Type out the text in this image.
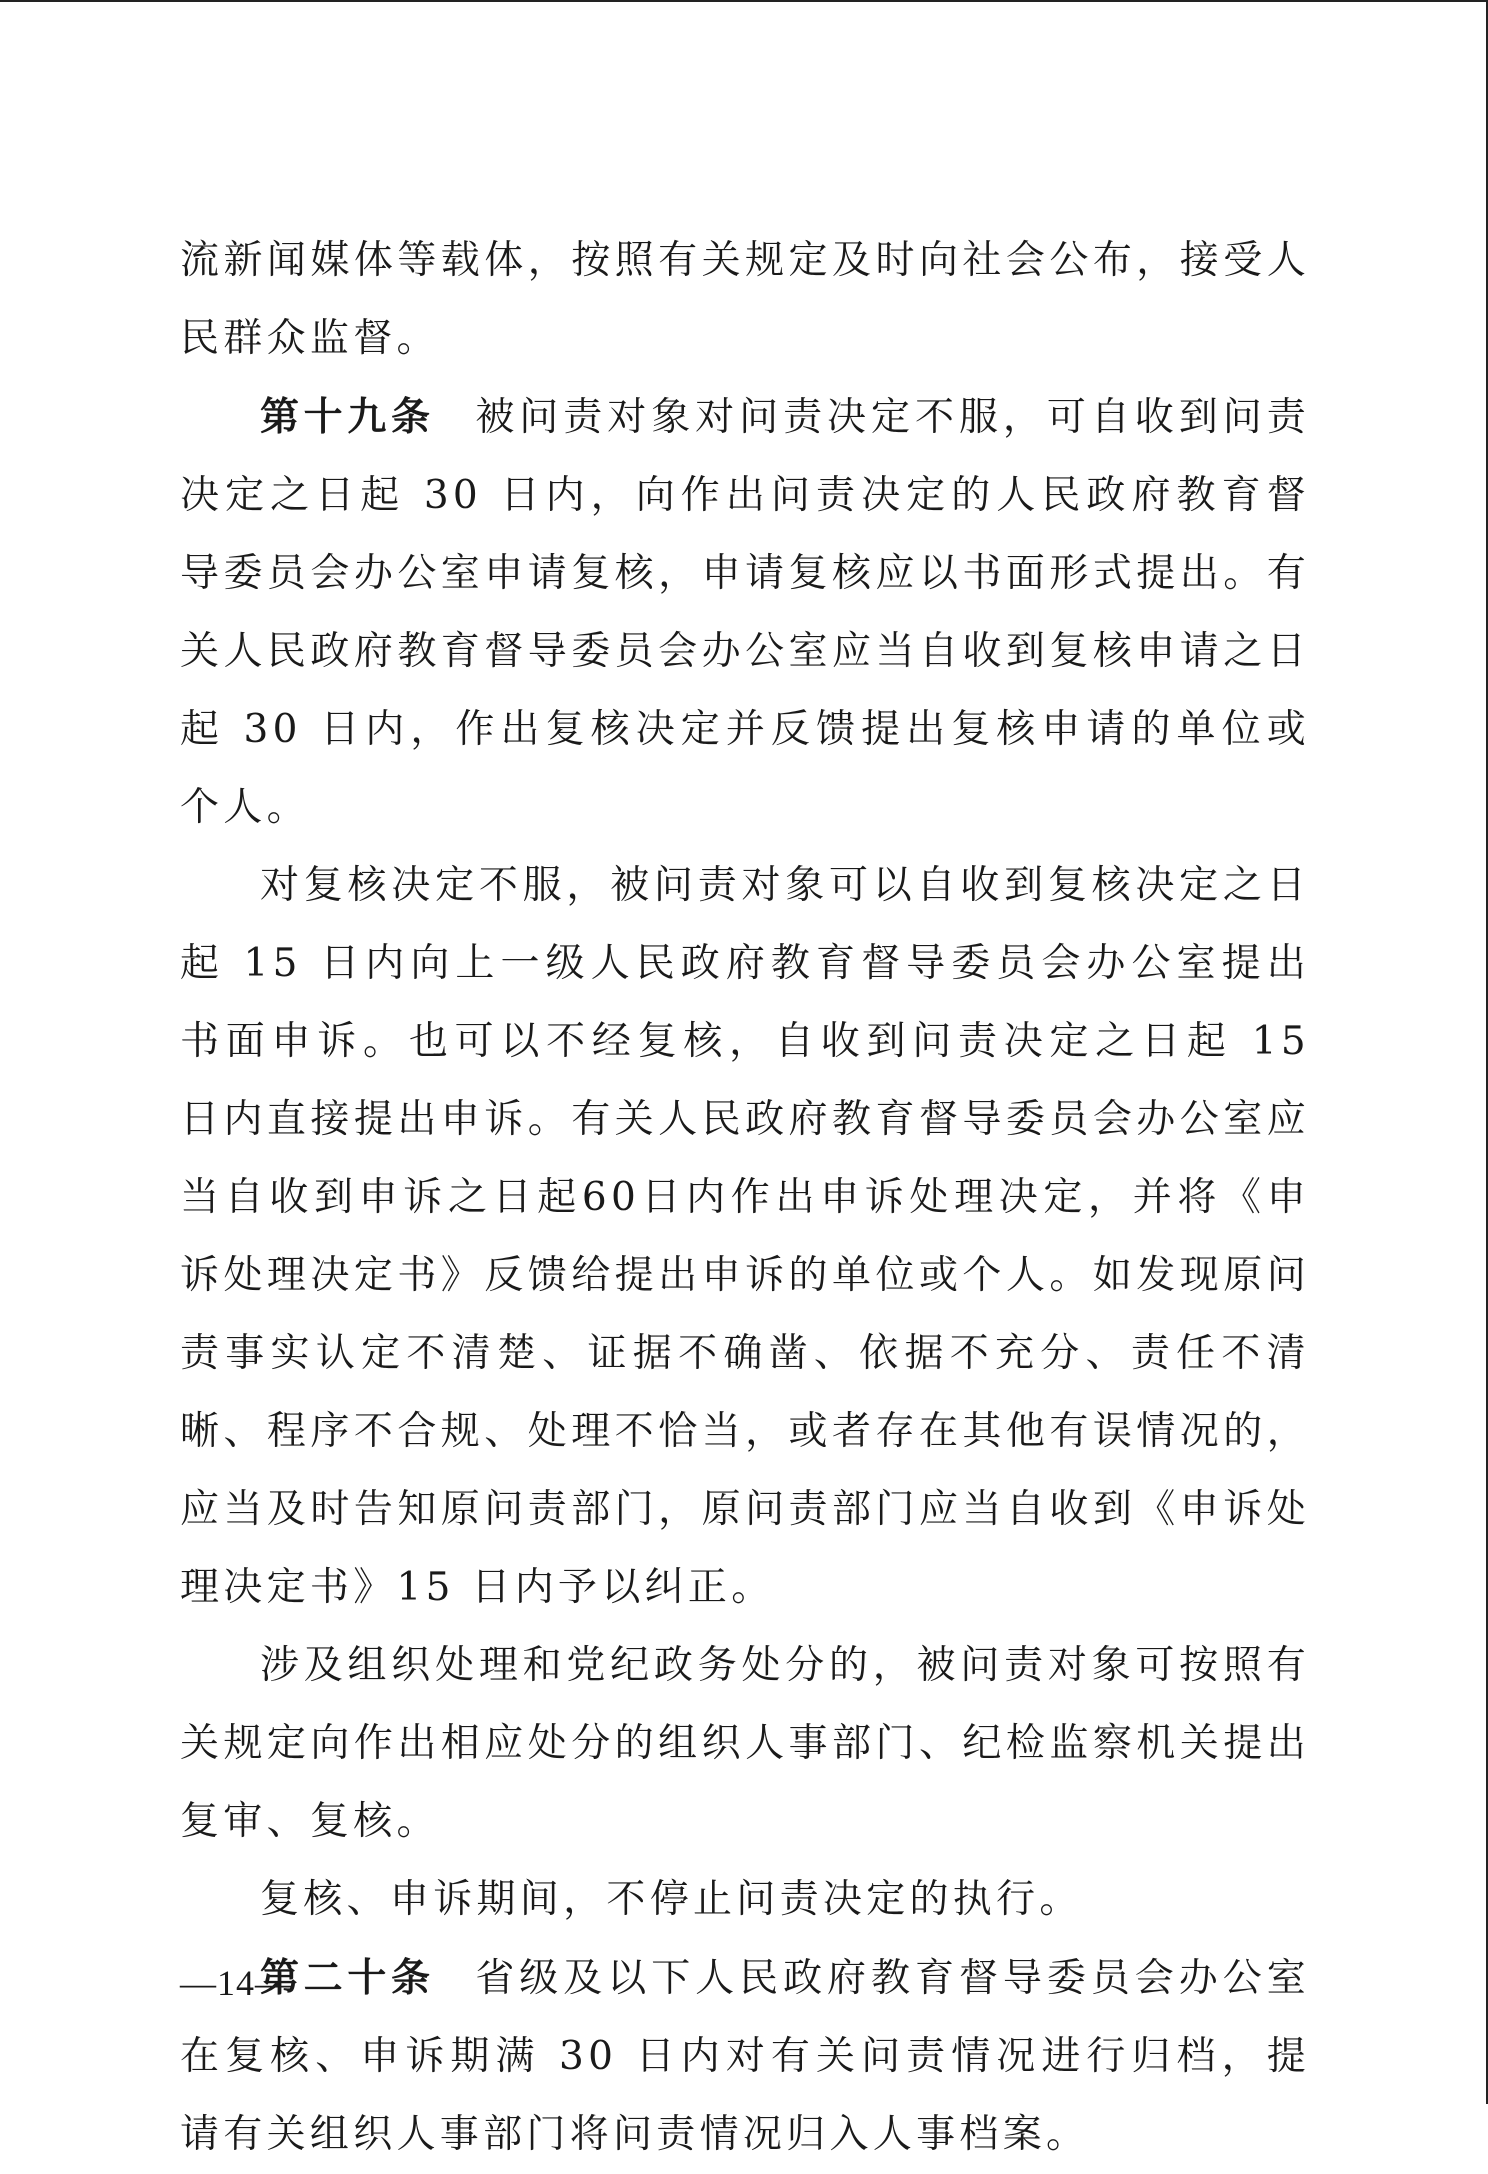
流新闻媒体等载体，按照有关规定及时向社会公布，接受人民群众监督。

第十九条 被问责对象对问责决定不服，可自收到问责决定之日起 30 日内，向作出问责决定的人民政府教育督导委员会办公室申请复核，申请复核应以书面形式提出。有关人民政府教育督导委员会办公室应当自收到复核申请之日起 30 日内，作出复核决定并反馈提出复核申请的单位或个人。

对复核决定不服，被问责对象可以自收到复核决定之日起 15 日内向上一级人民政府教育督导委员会办公室提出书面申诉。也可以不经复核，自收到问责决定之日起 15 日内直接提出申诉。有关人民政府教育督导委员会办公室应当自收到申诉之日起60日内作出申诉处理决定，并将《申诉处理决定书》反馈给提出申诉的单位或个人。如发现原问责事实认定不清楚、证据不确凿、依据不充分、责任不清晰、程序不合规、处理不恰当，或者存在其他有误情况的，应当及时告知原问责部门，原问责部门应当自收到《申诉处理决定书》15 日内予以纠正。

涉及组织处理和党纪政务处分的，被问责对象可按照有关规定向作出相应处分的组织人事部门、纪检监察机关提出复审、复核。

复核、申诉期间，不停止问责决定的执行。

第二十条 省级及以下人民政府教育督导委员会办公室在复核、申诉期满 30 日内对有关问责情况进行归档，提请有关组织人事部门将问责情况归入人事档案。

—14—
